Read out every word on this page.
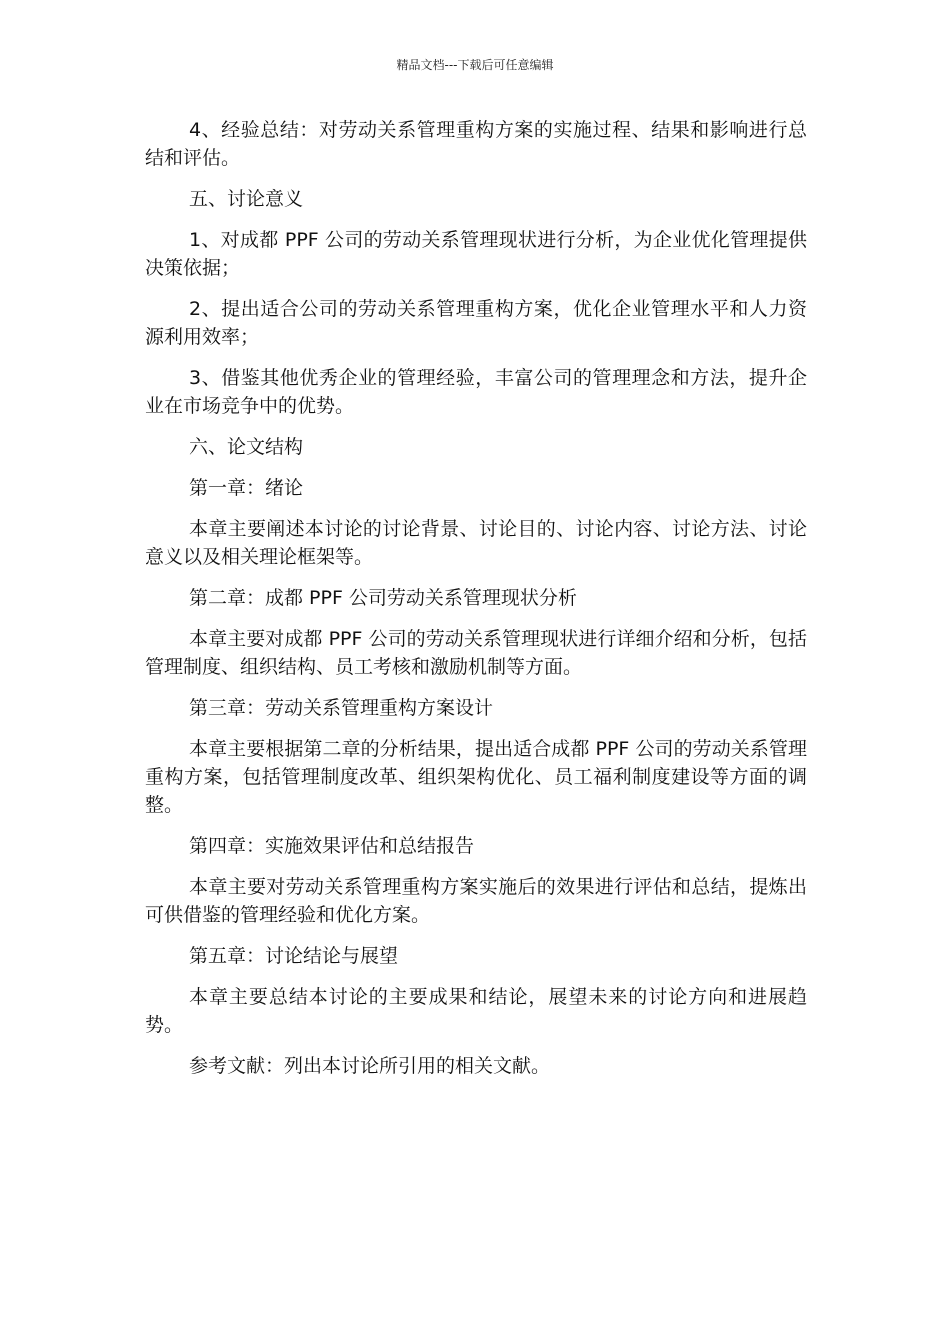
精品文档---下载后可任意编辑

4、经验总结：对劳动关系管理重构方案的实施过程、结果和影响进行总结和评估。

五、讨论意义

1、对成都 PPF 公司的劳动关系管理现状进行分析，为企业优化管理提供决策依据；

2、提出适合公司的劳动关系管理重构方案，优化企业管理水平和人力资源利用效率；

3、借鉴其他优秀企业的管理经验，丰富公司的管理理念和方法，提升企业在市场竞争中的优势。

六、论文结构

第一章：绪论

本章主要阐述本讨论的讨论背景、讨论目的、讨论内容、讨论方法、讨论意义以及相关理论框架等。

第二章：成都 PPF 公司劳动关系管理现状分析

本章主要对成都 PPF 公司的劳动关系管理现状进行详细介绍和分析，包括管理制度、组织结构、员工考核和激励机制等方面。

第三章：劳动关系管理重构方案设计

本章主要根据第二章的分析结果，提出适合成都 PPF 公司的劳动关系管理重构方案，包括管理制度改革、组织架构优化、员工福利制度建设等方面的调整。

第四章：实施效果评估和总结报告

本章主要对劳动关系管理重构方案实施后的效果进行评估和总结，提炼出可供借鉴的管理经验和优化方案。

第五章：讨论结论与展望

本章主要总结本讨论的主要成果和结论，展望未来的讨论方向和进展趋势。

参考文献：列出本讨论所引用的相关文献。
